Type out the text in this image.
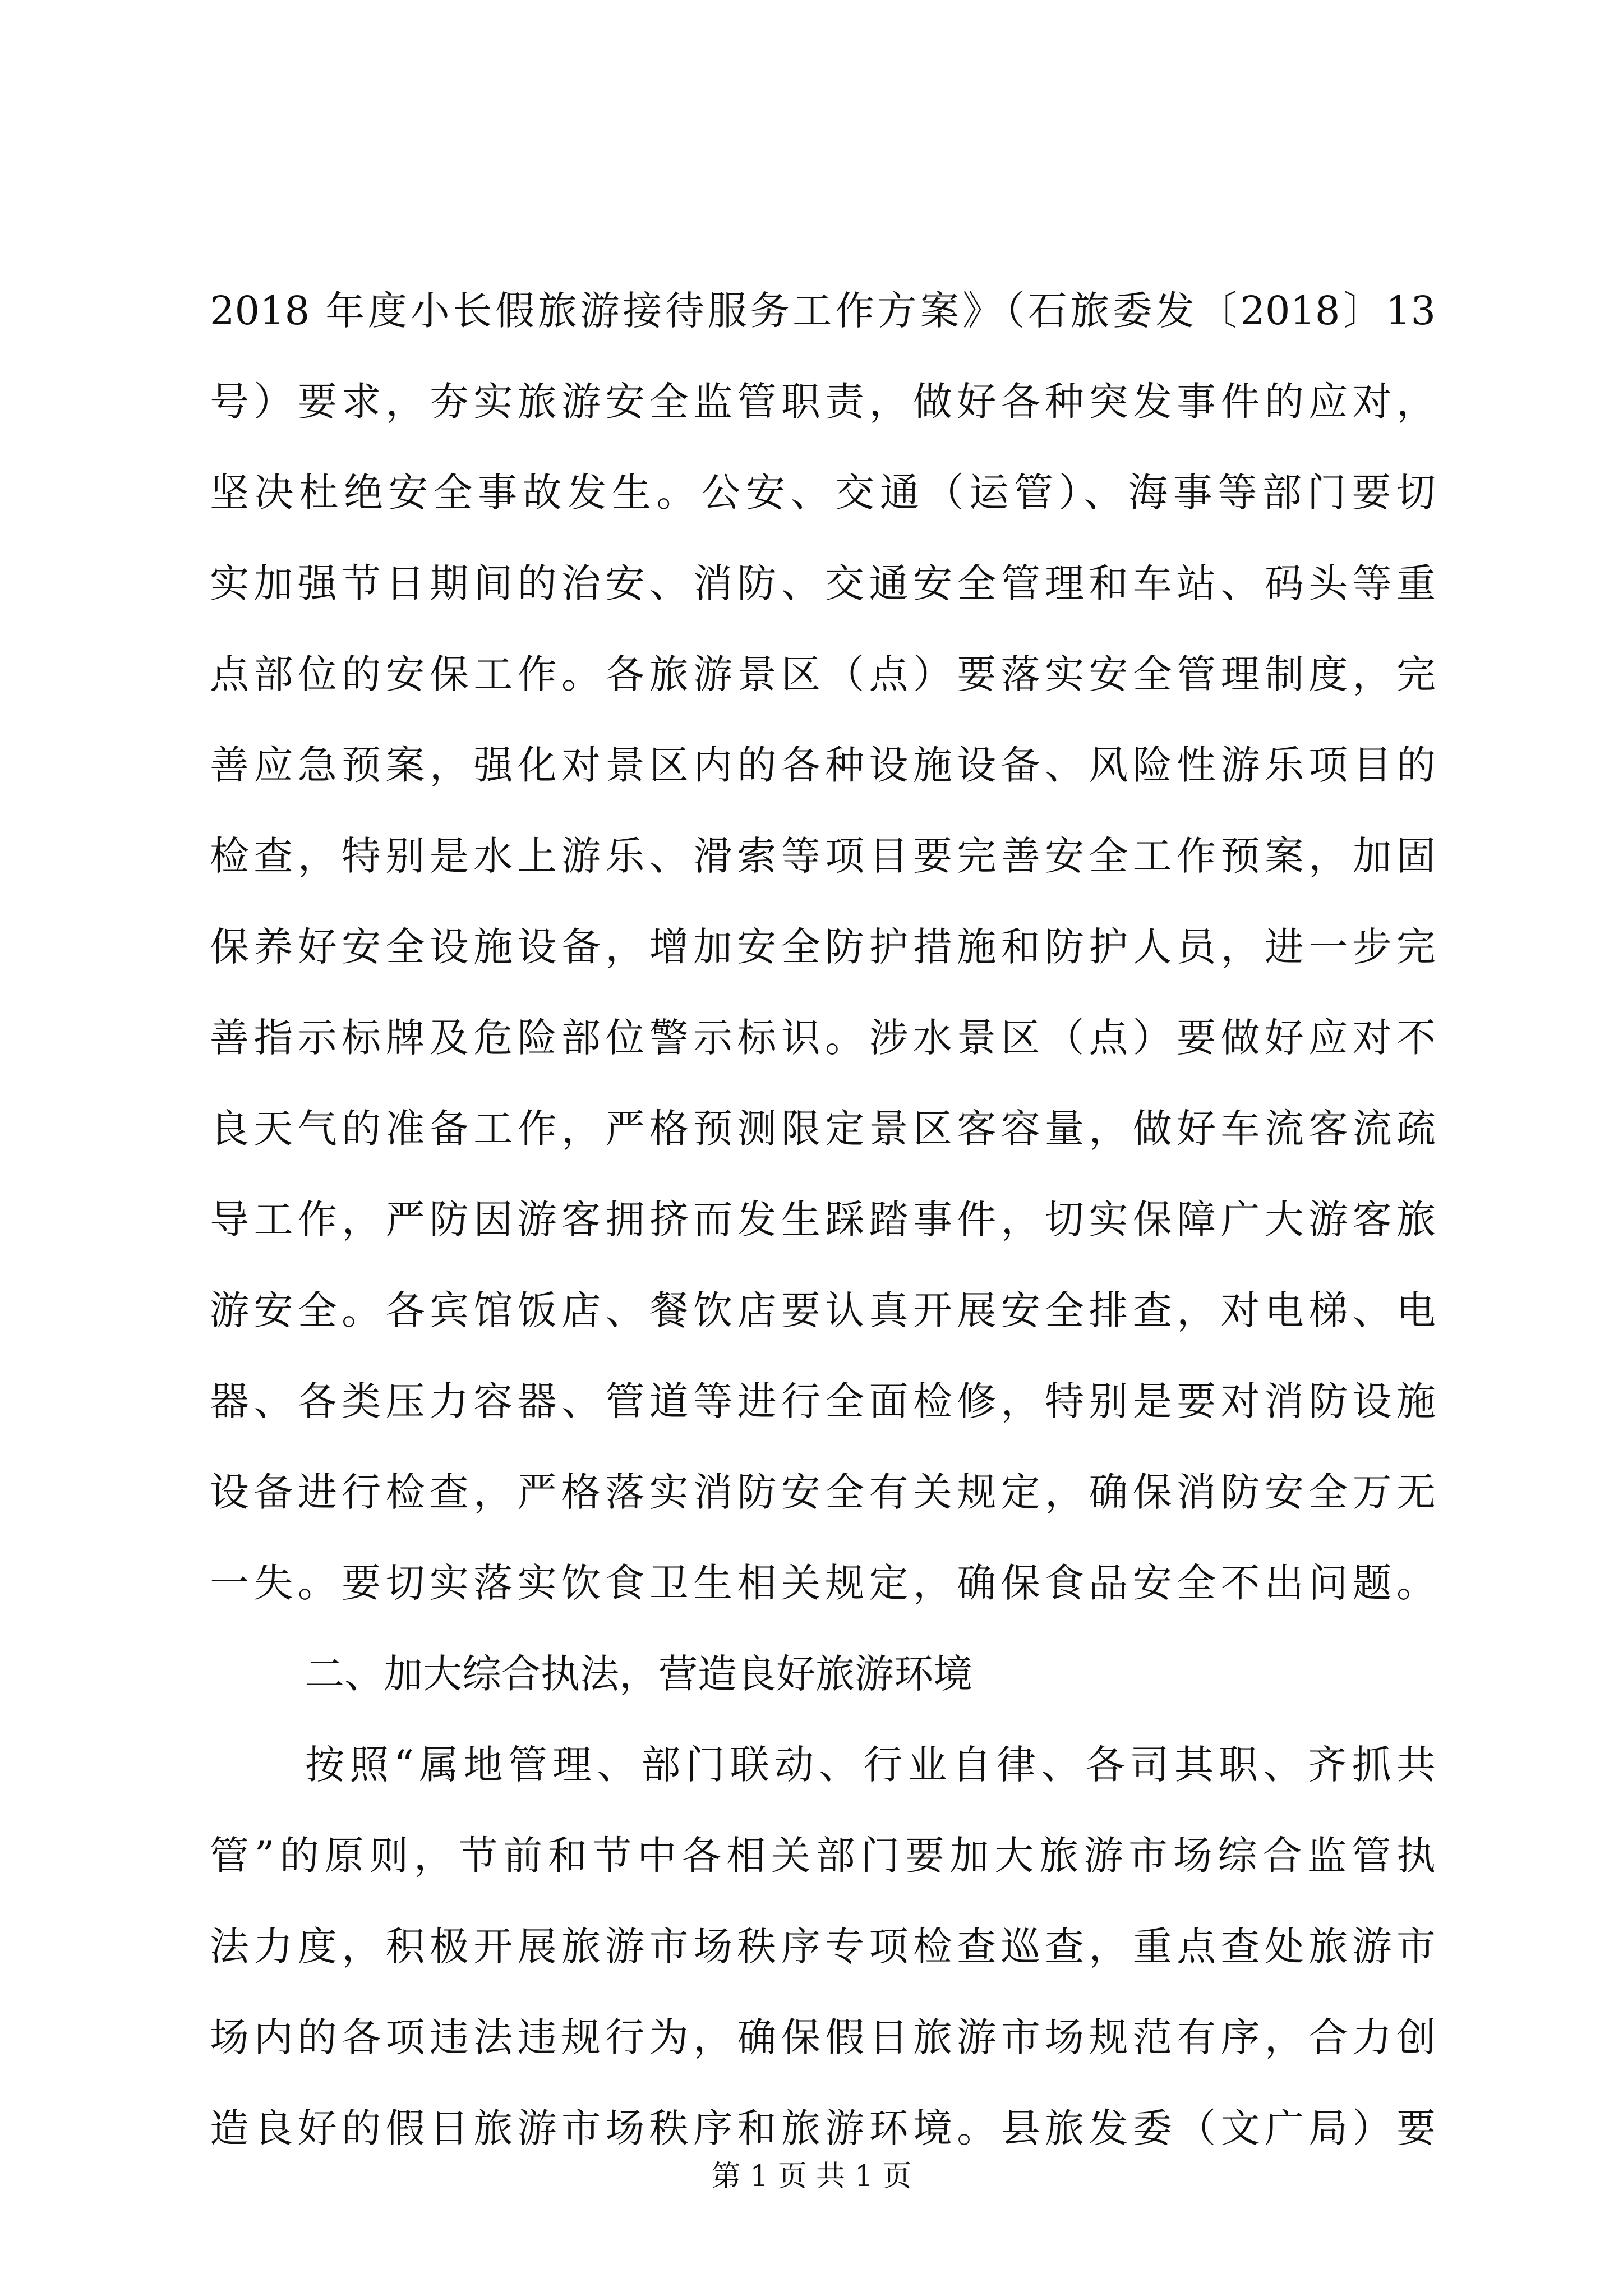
2018 年度小长假旅游接待服务工作方案》（石旅委发〔2018〕13
号）要求，夯实旅游安全监管职责，做好各种突发事件的应对，
坚决杜绝安全事故发生。公安、交通（运管）、海事等部门要切
实加强节日期间的治安、消防、交通安全管理和车站、码头等重
点部位的安保工作。各旅游景区（点）要落实安全管理制度，完
善应急预案，强化对景区内的各种设施设备、风险性游乐项目的
检查，特别是水上游乐、滑索等项目要完善安全工作预案，加固
保养好安全设施设备，增加安全防护措施和防护人员，进一步完
善指示标牌及危险部位警示标识。涉水景区（点）要做好应对不
良天气的准备工作，严格预测限定景区客容量，做好车流客流疏
导工作，严防因游客拥挤而发生踩踏事件，切实保障广大游客旅
游安全。各宾馆饭店、餐饮店要认真开展安全排查，对电梯、电
器、各类压力容器、管道等进行全面检修，特别是要对消防设施
设备进行检查，严格落实消防安全有关规定，确保消防安全万无
一失。要切实落实饮食卫生相关规定，确保食品安全不出问题。
二、加大综合执法，营造良好旅游环境
按照“属地管理、部门联动、行业自律、各司其职、齐抓共
管”的原则，节前和节中各相关部门要加大旅游市场综合监管执
法力度，积极开展旅游市场秩序专项检查巡查，重点查处旅游市
场内的各项违法违规行为，确保假日旅游市场规范有序，合力创
造良好的假日旅游市场秩序和旅游环境。县旅发委（文广局）要
第 1 页 共 1 页
